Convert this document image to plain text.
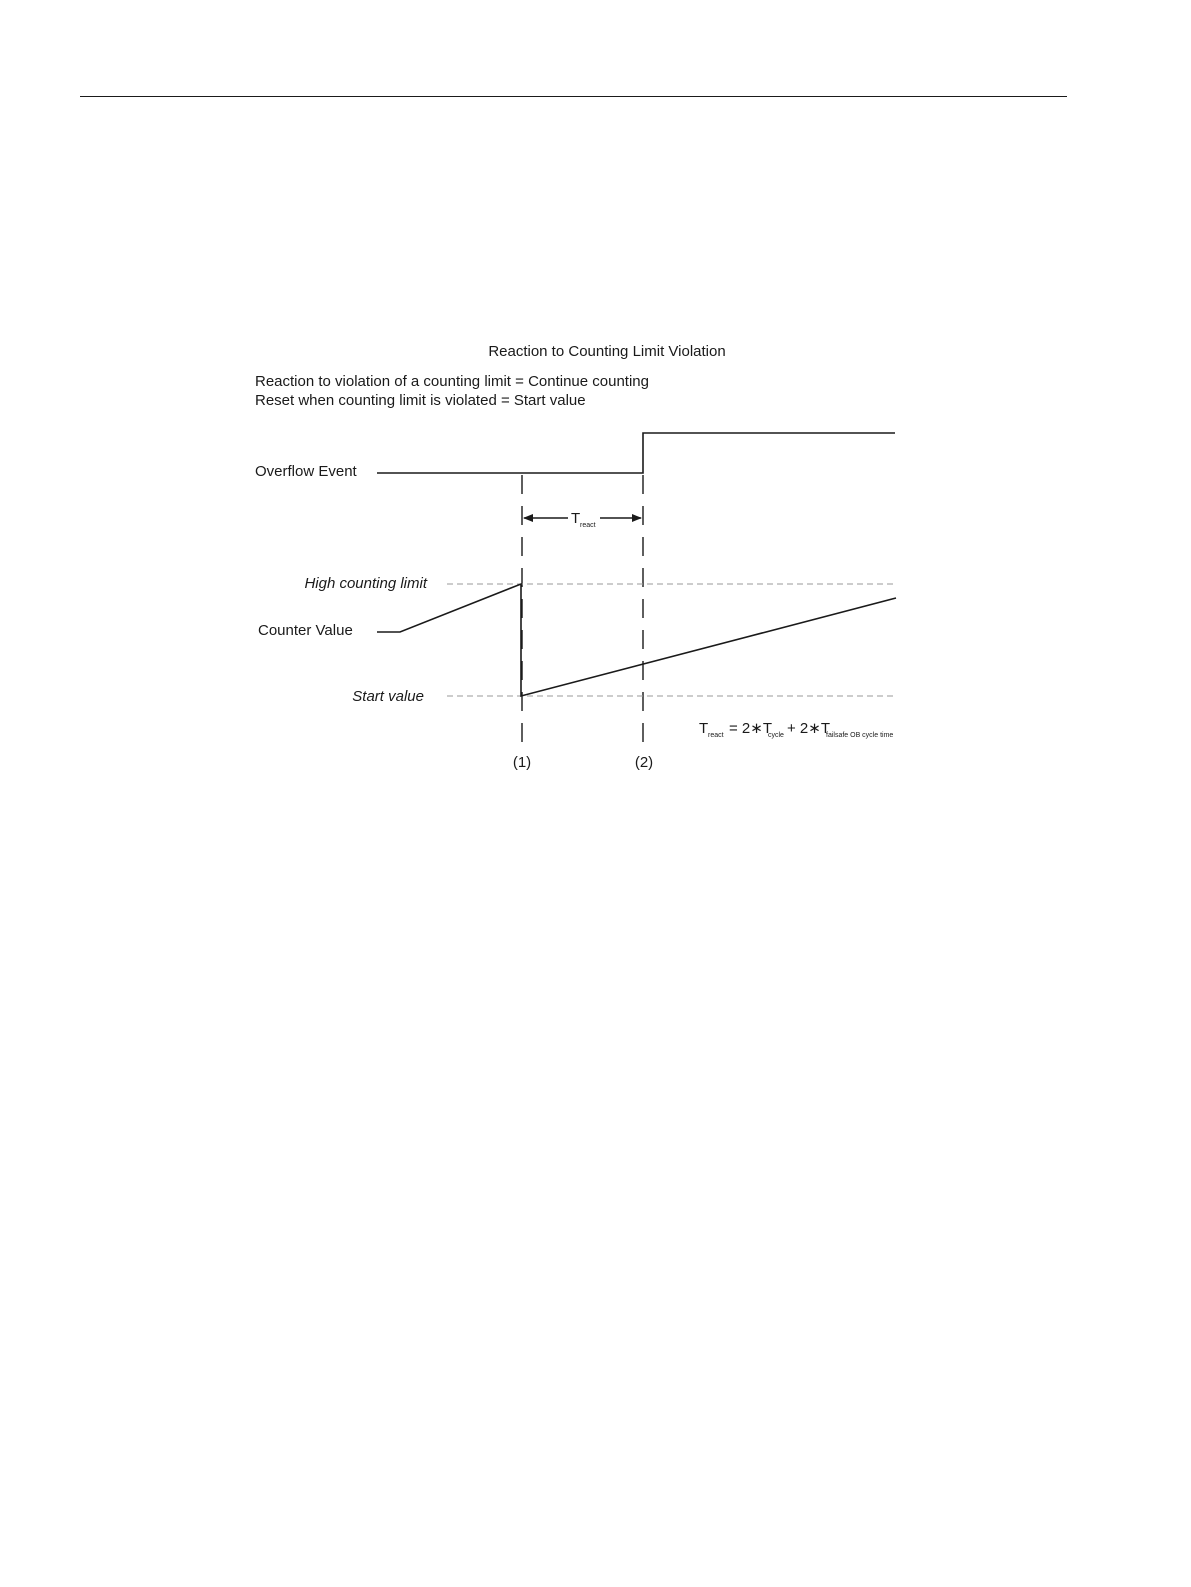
Reaction to Counting Limit Violation
Reaction to violation of a counting limit = Continue counting
Reset when counting limit is violated = Start value
Overflow Event
T react
High counting limit
Start value
Counter Value
T react = 2∗T
cycle + 2∗T
failsafe OB cycle time
(1)	(2)
